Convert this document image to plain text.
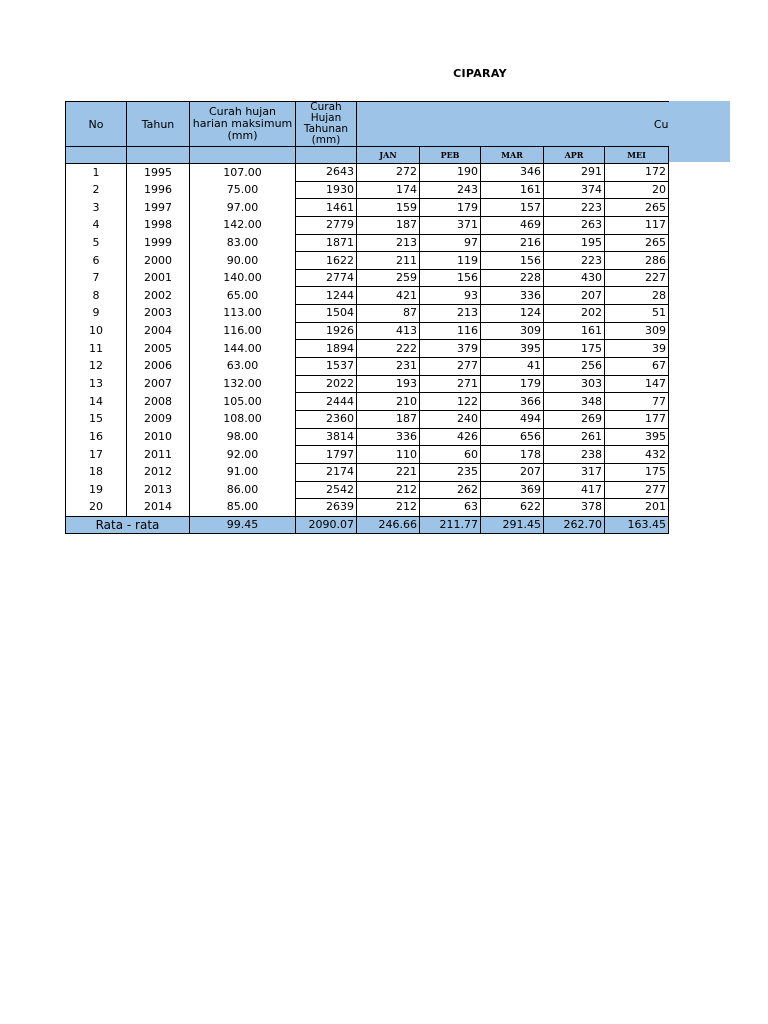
CIPARAY
No	Tahun	Curah hujan harian maksimum (mm)	Curah Hujan Tahunan (mm)	Cu				
				JAN	PEB	MAR	APR	MEI
1	1995	107.00	2643	272	190	346	291	172
2	1996	75.00	1930	174	243	161	374	20
3	1997	97.00	1461	159	179	157	223	265
4	1998	142.00	2779	187	371	469	263	117
5	1999	83.00	1871	213	97	216	195	265
6	2000	90.00	1622	211	119	156	223	286
7	2001	140.00	2774	259	156	228	430	227
8	2002	65.00	1244	421	93	336	207	28
9	2003	113.00	1504	87	213	124	202	51
10	2004	116.00	1926	413	116	309	161	309
11	2005	144.00	1894	222	379	395	175	39
12	2006	63.00	1537	231	277	41	256	67
13	2007	132.00	2022	193	271	179	303	147
14	2008	105.00	2444	210	122	366	348	77
15	2009	108.00	2360	187	240	494	269	177
16	2010	98.00	3814	336	426	656	261	395
17	2011	92.00	1797	110	60	178	238	432
18	2012	91.00	2174	221	235	207	317	175
19	2013	86.00	2542	212	262	369	417	277
20	2014	85.00	2639	212	63	622	378	201
Rata - rata		99.45	2090.07	246.66	211.77	291.45	262.70	163.45
